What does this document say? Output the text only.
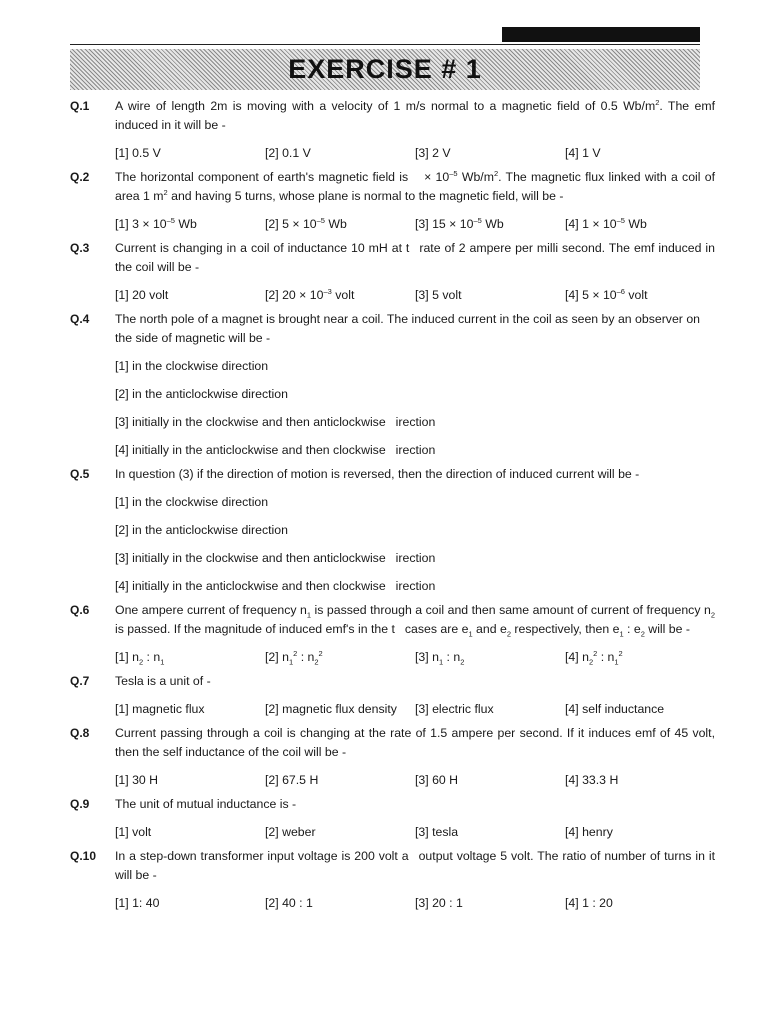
EXERCISE # 1
Q.1	A wire of length 2m is moving with a velocity of 1 m/s normal to a magnetic field of 0.5 $Wb/m^2$. The emf induced in it will be -
[1] 0.5 V	[2] 0.1 V	[3] 2 V	[4] 1 V
Q.2	The horizontal component of earth's magnetic field is × $10^{-5}$ $Wb/m^2$. The magnetic flux linked with a coil of area 1 $m^2$ and having 5 turns, whose plane is normal to the magnetic field, will be -
[1] $3 \times 10^{-5}$ Wb	[2] $5 \times 10^{-5}$ Wb	[3] $15 \times 10^{-5}$ Wb	[4] $1 \times 10^{-5}$ Wb
Q.3	Current is changing in a coil of inductance 10 mH at t rate of 2 ampere per milli second. The emf induced in the coil will be -
[1] 20 volt	[2] $20 \times 10^{-3}$ volt	[3] 5 volt	[4] $5 \times 10^{-6}$ volt
Q.4	The north pole of a magnet is brought near a coil. The induced current in the coil as seen by an observer on the side of magnetic will be -
[1] in the clockwise direction
[2] in the anticlockwise direction
[3] initially in the clockwise and then anticlockwise irection
[4] initially in the anticlockwise and then clockwise irection
Q.5	In question (3) if the direction of motion is reversed, then the direction of induced current will be -
[1] in the clockwise direction
[2] in the anticlockwise direction
[3] initially in the clockwise and then anticlockwise irection
[4] initially in the anticlockwise and then clockwise irection
Q.6	One ampere current of frequency $n_1$ is passed through a coil and then same amount of current of frequency $n_2$ is passed. If the magnitude of induced emf's in the t cases are $e_1$ and $e_2$ respectively, then $e_1$ : $e_2$ will be -
[1] $n_2$ : $n_1$	[2] $n_1^2$ : $n_2^2$	[3] $n_1$ : $n_2$	[4] $n_2^2$ : $n_1^2$
Q.7	Tesla is a unit of -
[1] magnetic flux	[2] magnetic flux density	[3] electric flux	[4] self inductance
Q.8	Current passing through a coil is changing at the rate of 1.5 ampere per second. If it induces emf of 45 volt, then the self inductance of the coil will be -
[1] 30 H	[2] 67.5 H	[3] 60 H	[4] 33.3 H
Q.9	The unit of mutual inductance is -
[1] volt	[2] weber	[3] tesla	[4] henry
Q.10	In a step-down transformer input voltage is 200 volt a output voltage 5 volt. The ratio of number of turns in it will be -
[1] 1: 40	[2] 40 : 1	[3] 20 : 1	[4] 1 : 20
